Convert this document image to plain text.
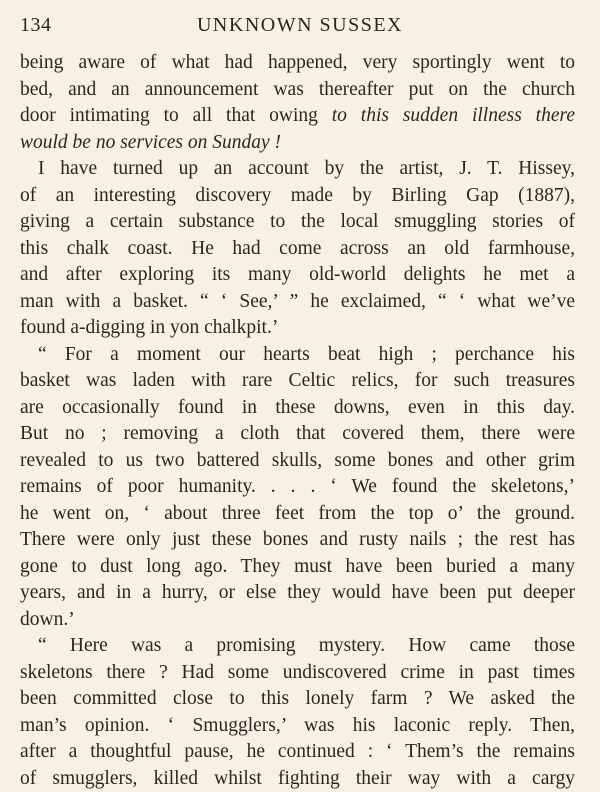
134	UNKNOWN SUSSEX
being aware of what had happened, very sportingly went to
bed, and an announcement was thereafter put on the church
door intimating to all that owing to this sudden illness there
would be no services on Sunday !
I have turned up an account by the artist, J. T. Hissey,
of an interesting discovery made by Birling Gap (1887),
giving a certain substance to the local smuggling stories of
this chalk coast. He had come across an old farmhouse,
and after exploring its many old-world delights he met a
man with a basket. “ ‘ See,’ ” he exclaimed, “ ‘ what we’ve
found a-digging in yon chalkpit.’
“ For a moment our hearts beat high ; perchance his
basket was laden with rare Celtic relics, for such treasures
are occasionally found in these downs, even in this day.
But no ; removing a cloth that covered them, there were
revealed to us two battered skulls, some bones and other grim
remains of poor humanity. . . . ‘ We found the skeletons,’
he went on, ‘ about three feet from the top o’ the ground.
There were only just these bones and rusty nails ; the rest has
gone to dust long ago. They must have been buried a many
years, and in a hurry, or else they would have been put deeper
down.’
“ Here was a promising mystery. How came those
skeletons there ? Had some undiscovered crime in past times
been committed close to this lonely farm ? We asked the
man’s opinion. ‘ Smugglers,’ was his laconic reply. Then,
after a thoughtful pause, he continued : ‘ Them’s the remains
of smugglers, killed whilst fighting their way with a cargy
